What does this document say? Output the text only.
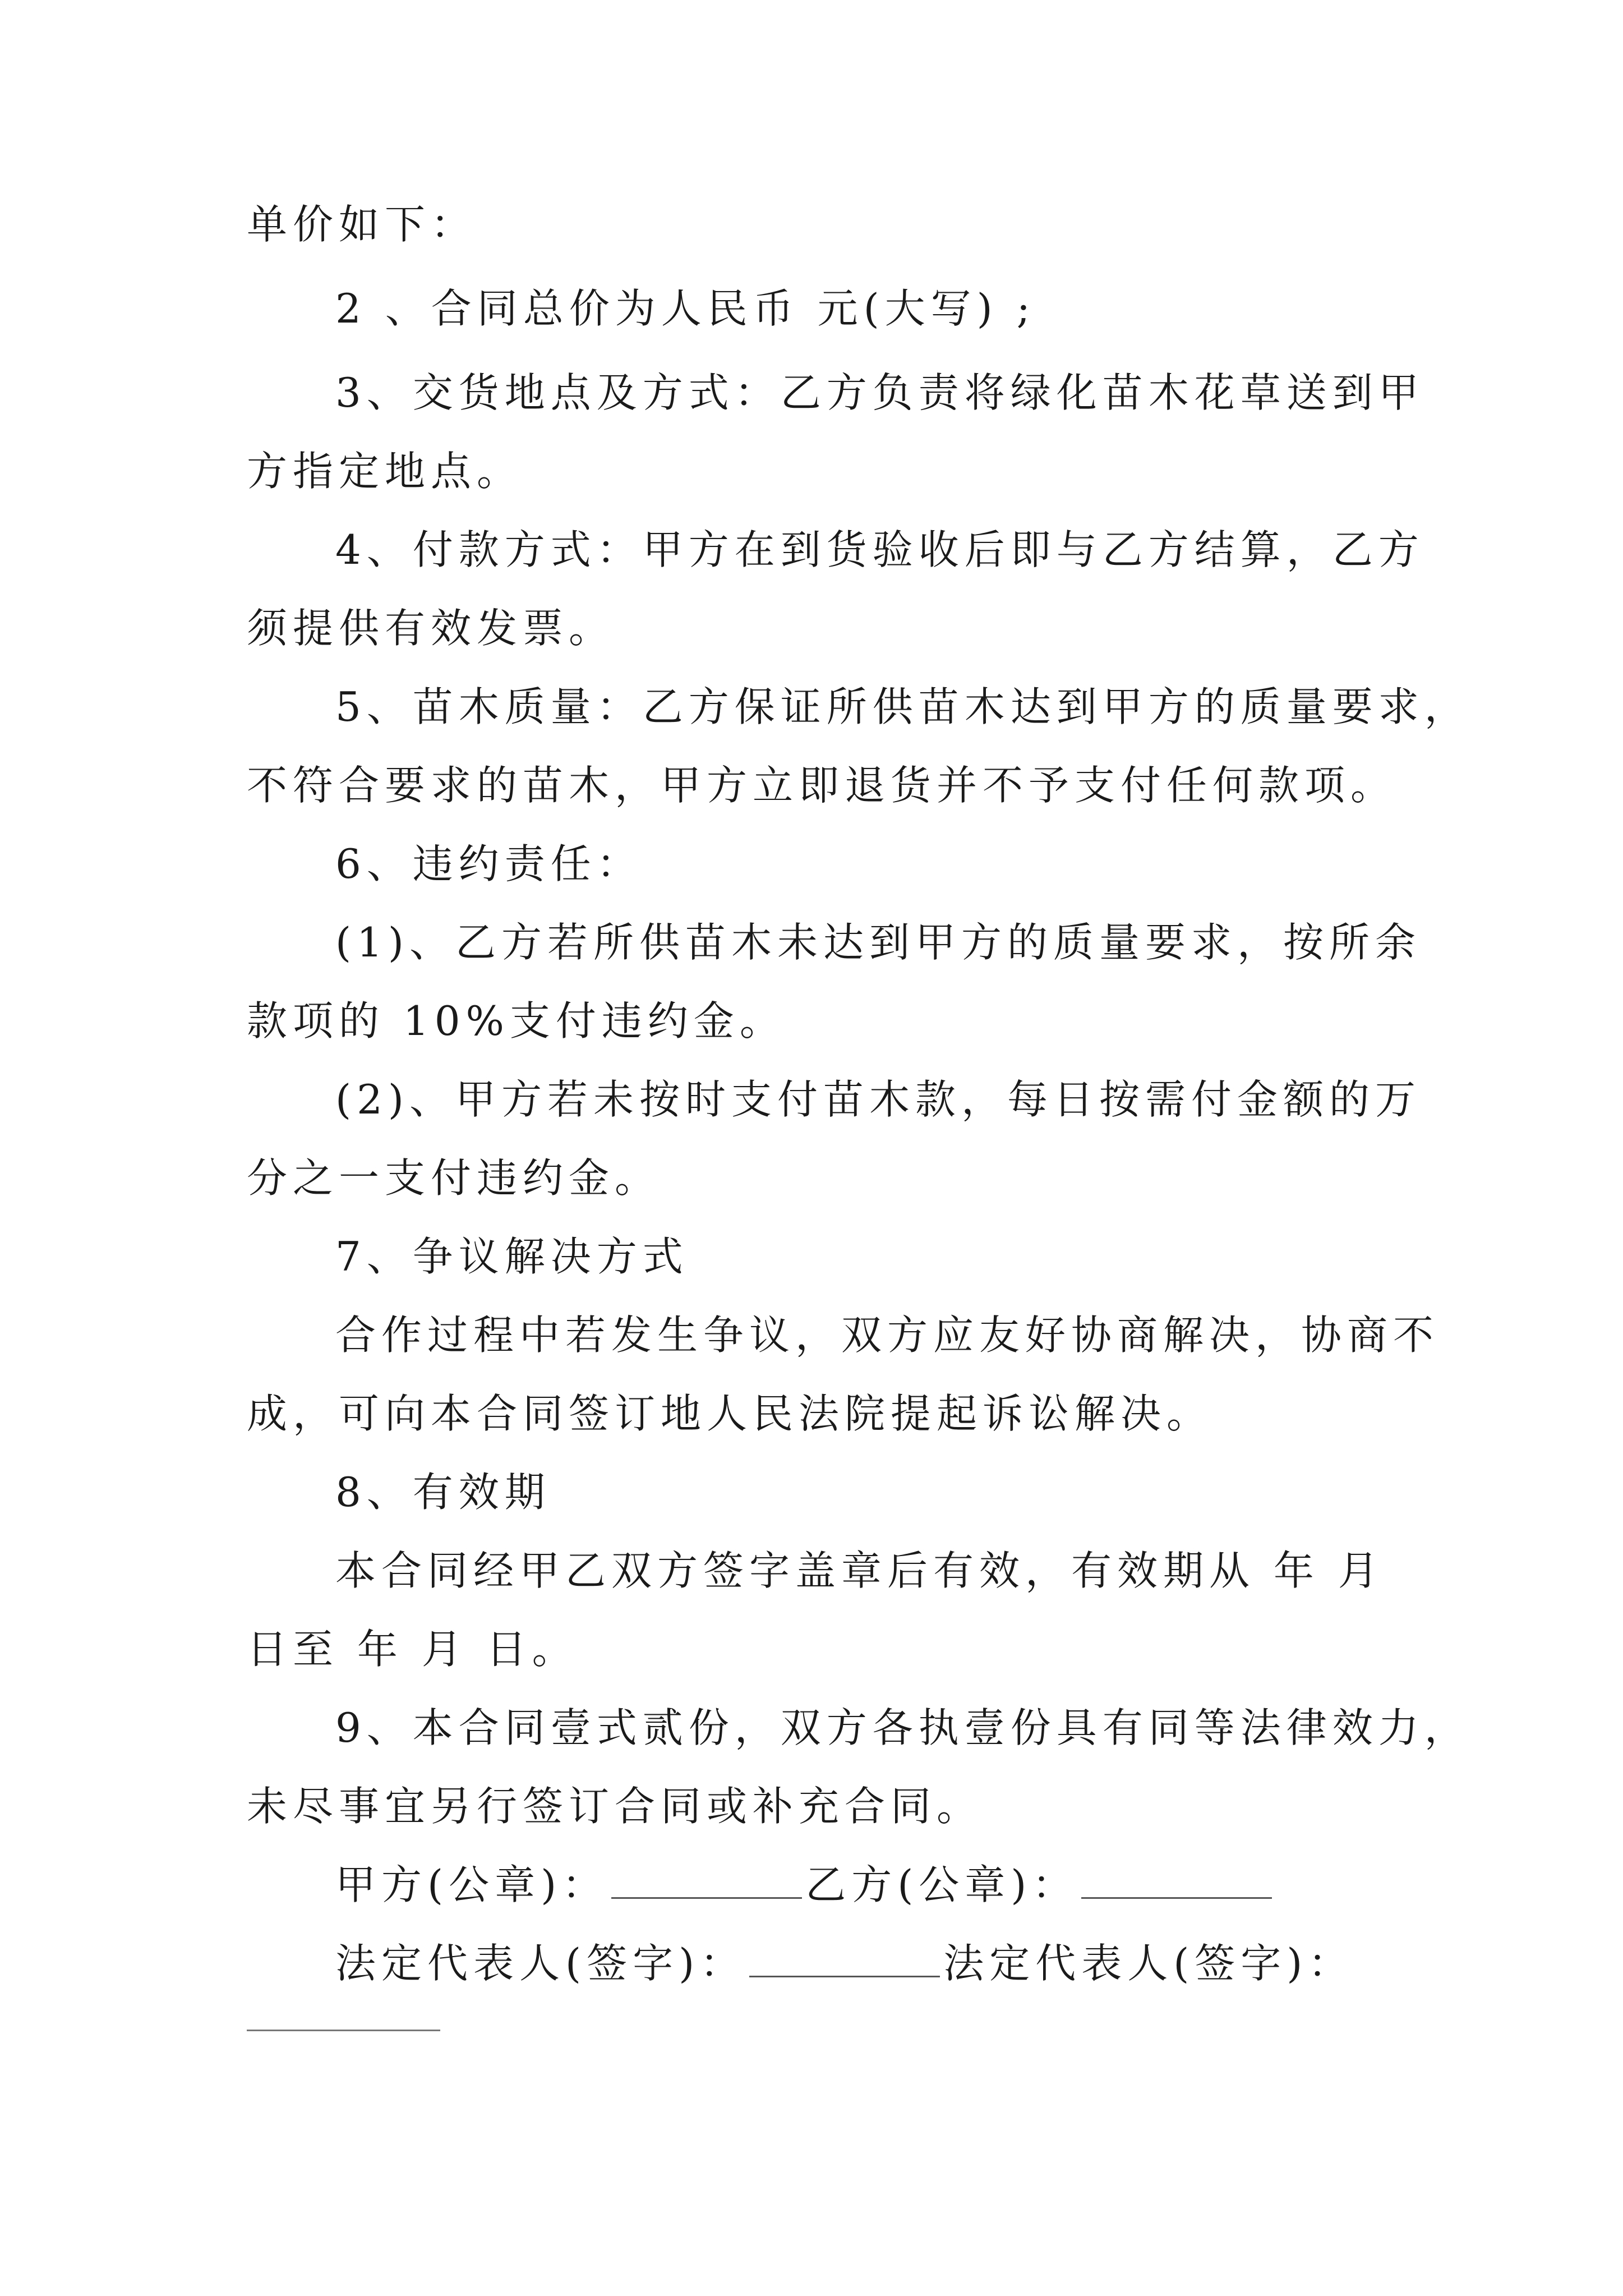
单价如下：
2 、合同总价为人民币 元(大写) ;
3、交货地点及方式：乙方负责将绿化苗木花草送到甲
方指定地点。
4、付款方式：甲方在到货验收后即与乙方结算，乙方
须提供有效发票。
5、苗木质量：乙方保证所供苗木达到甲方的质量要求，
不符合要求的苗木，甲方立即退货并不予支付任何款项。
6、违约责任：
(1)、乙方若所供苗木未达到甲方的质量要求，按所余
款项的 10%支付违约金。
(2)、甲方若未按时支付苗木款，每日按需付金额的万
分之一支付违约金。
7、争议解决方式
合作过程中若发生争议，双方应友好协商解决，协商不
成，可向本合同签订地人民法院提起诉讼解决。
8、有效期
本合同经甲乙双方签字盖章后有效，有效期从 年 月
日至 年 月 日。
9、本合同壹式贰份，双方各执壹份具有同等法律效力，
未尽事宜另行签订合同或补充合同。
甲方(公章)：	乙方(公章)：
法定代表人(签字)：	法定代表人(签字)：
